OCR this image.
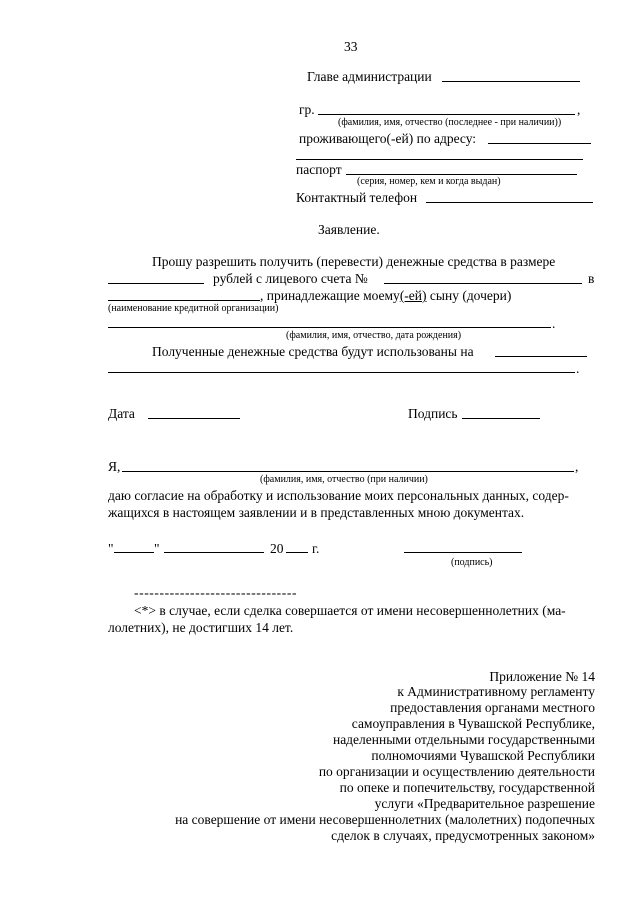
33
Главе администрации
гр.	,
(фамилия, имя, отчество (последнее - при наличии))
проживающего(-ей) по адресу:
паспорт
(серия, номер, кем и когда выдан)
Контактный телефон
Заявление.
Прошу разрешить получить (перевести) денежные средства в размере
рублей с лицевого счета №	в
, принадлежащие моему(-ей) сыну (дочери)
(наименование кредитной организации)
.
(фамилия, имя, отчество, дата рождения)
Полученные денежные средства будут использованы на
.
Дата	Подпись
Я,	,
(фамилия, имя, отчество (при наличии)
даю согласие на обработку и использование моих персональных данных, содер-
жащихся в настоящем заявлении и в представленных мною документах.
"	"	20 г.
(подпись)
--------------------------------
<*> в случае, если сделка совершается от имени несовершеннолетних (ма-
лолетних), не достигших 14 лет.
Приложение № 14
к Административному регламенту
предоставления органами местного
самоуправления в Чувашской Республике,
наделенными отдельными государственными
полномочиями Чувашской Республики
по организации и осуществлению деятельности
по опеке и попечительству, государственной
услуги «Предварительное разрешение
на совершение от имени несовершеннолетних (малолетних) подопечных
сделок в случаях, предусмотренных законом»
